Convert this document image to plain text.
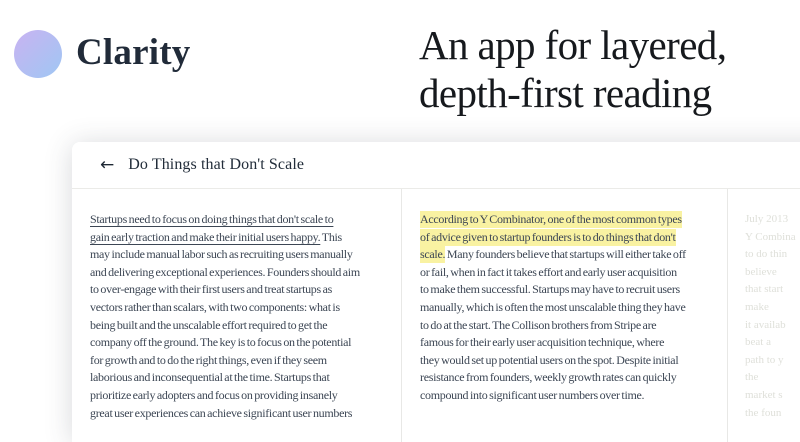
Clarity	An app for layered,
depth-first reading
← Do Things that Don't Scale
Startups need to focus on doing things that don't scale to
gain early traction and make their initial users happy. This
may include manual labor such as recruiting users manually
and delivering exceptional experiences. Founders should aim
to over-engage with their first users and treat startups as
vectors rather than scalars, with two components: what is
being built and the unscalable effort required to get the
company off the ground. The key is to focus on the potential
for growth and to do the right things, even if they seem
laborious and inconsequential at the time. Startups that
prioritize early adopters and focus on providing insanely
great user experiences can achieve significant user numbers
According to Y Combinator, one of the most common types
of advice given to startup founders is to do things that don't
scale. Many founders believe that startups will either take off
or fail, when in fact it takes effort and early user acquisition
to make them successful. Startups may have to recruit users
manually, which is often the most unscalable thing they have
to do at the start. The Collison brothers from Stripe are
famous for their early user acquisition technique, where
they would set up potential users on the spot. Despite initial
resistance from founders, weekly growth rates can quickly
compound into significant user numbers over time.
July 2013
Y Combina
to do thin
believe
that start
make
it availab
beat a
path to y
the
market s
the foun
